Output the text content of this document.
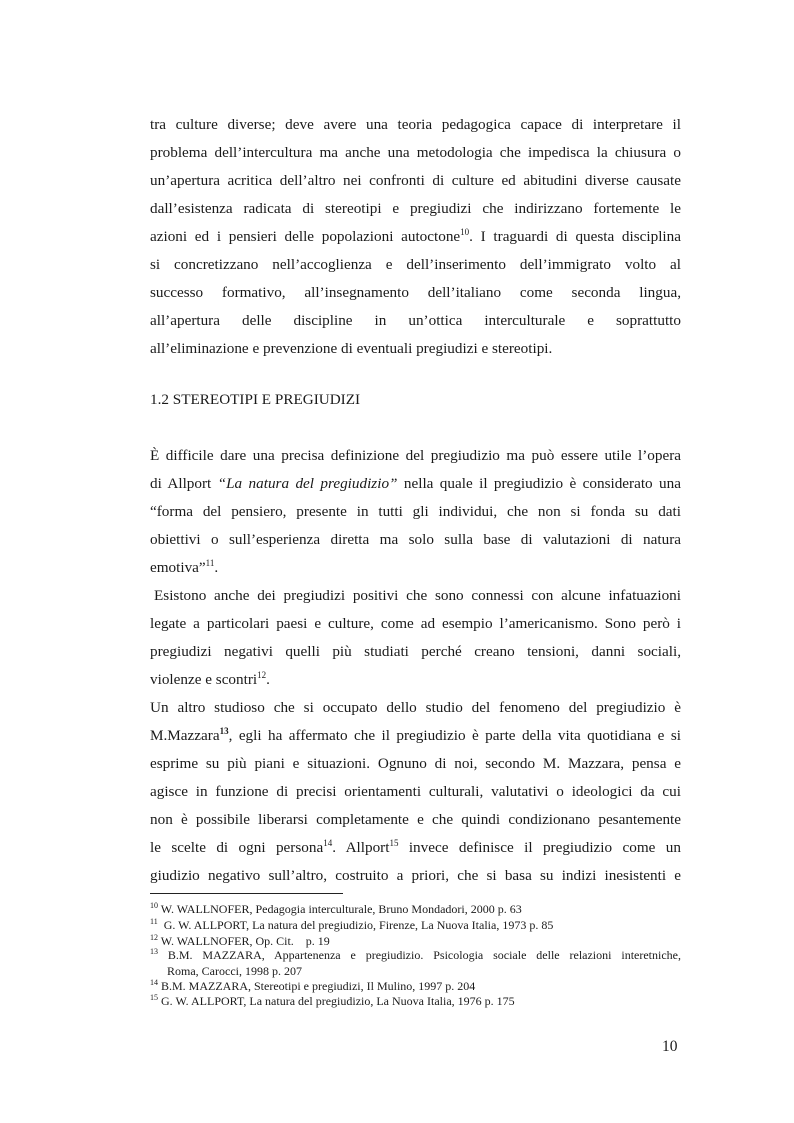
tra culture diverse; deve avere una teoria pedagogica capace di interpretare il
problema dell’intercultura ma anche una metodologia che impedisca la chiusura o
un’apertura acritica dell’altro nei confronti di culture ed abitudini diverse causate
dall’esistenza radicata di stereotipi e pregiudizi che indirizzano fortemente le
azioni ed i pensieri delle popolazioni autoctone$^{10}$. I traguardi di questa disciplina
si concretizzano nell’accoglienza e dell’inserimento dell’immigrato volto al
successo formativo, all’insegnamento dell’italiano come seconda lingua,
all’apertura delle discipline in un’ottica interculturale e soprattutto
all’eliminazione e prevenzione di eventuali pregiudizi e stereotipi.
1.2 STEREOTIPI E PREGIUDIZI
È difficile dare una precisa definizione del pregiudizio ma può essere utile l’opera
di Allport “La natura del pregiudizio” nella quale il pregiudizio è considerato una
“forma del pensiero, presente in tutti gli individui, che non si fonda su dati
obiettivi o sull’esperienza diretta ma solo sulla base di valutazioni di natura
emotiva”$^{11}$.
Esistono anche dei pregiudizi positivi che sono connessi con alcune infatuazioni
legate a particolari paesi e culture, come ad esempio l’americanismo. Sono però i
pregiudizi negativi quelli più studiati perché creano tensioni, danni sociali,
violenze e scontri$^{12}$.
Un altro studioso che si occupato dello studio del fenomeno del pregiudizio è
M.Mazzara$^{13}$, egli ha affermato che il pregiudizio è parte della vita quotidiana e si
esprime su più piani e situazioni. Ognuno di noi, secondo M. Mazzara, pensa e
agisce in funzione di precisi orientamenti culturali, valutativi o ideologici da cui
non è possibile liberarsi completamente e che quindi condizionano pesantemente
le scelte di ogni persona$^{14}$. Allport$^{15}$ invece definisce il pregiudizio come un
giudizio negativo sull’altro, costruito a priori, che si basa su indizi inesistenti e
$^{10}$ W. WALLNOFER, Pedagogia interculturale, Bruno Mondadori, 2000 p. 63
$^{11}$  G. W. ALLPORT, La natura del pregiudizio, Firenze, La Nuova Italia, 1973 p. 85
$^{12}$ W. WALLNOFER, Op. Cit.    p. 19
$^{13}$ B.M. MAZZARA, Appartenenza e pregiudizio. Psicologia sociale delle relazioni interetniche,
Roma, Carocci, 1998 p. 207
$^{14}$ B.M. MAZZARA, Stereotipi e pregiudizi, Il Mulino, 1997 p. 204
$^{15}$ G. W. ALLPORT, La natura del pregiudizio, La Nuova Italia, 1976 p. 175
10
